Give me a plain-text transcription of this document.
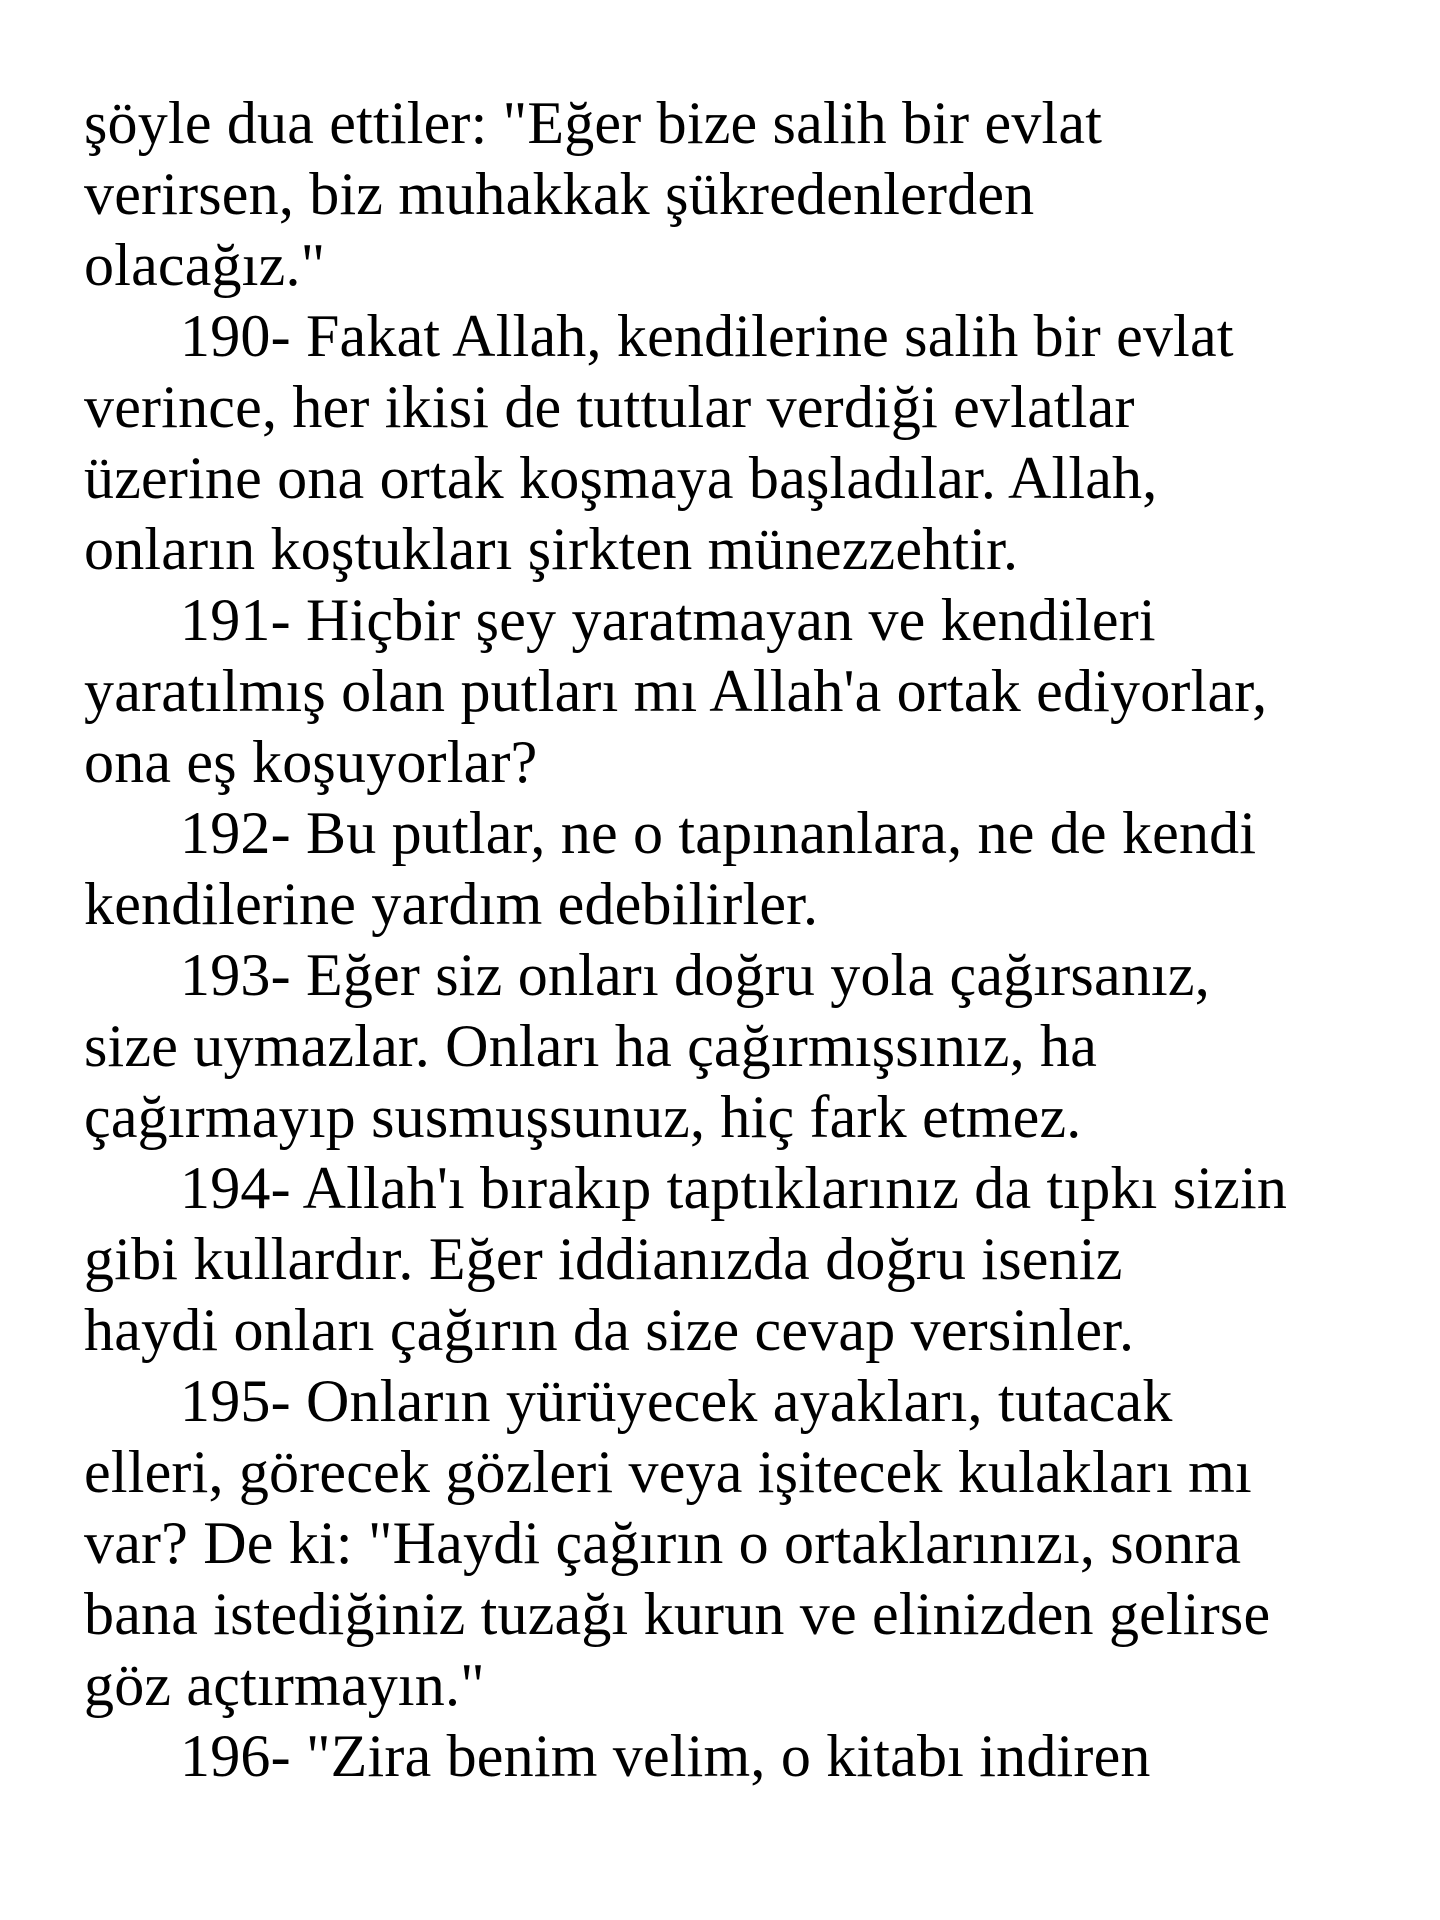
şöyle dua ettiler: "Eğer bize salih bir evlat
verirsen, biz muhakkak şükredenlerden
olacağız."
190- Fakat Allah, kendilerine salih bir evlat
verince, her ikisi de tuttular verdiği evlatlar
üzerine ona ortak koşmaya başladılar. Allah,
onların koştukları şirkten münezzehtir.
191- Hiçbir şey yaratmayan ve kendileri
yaratılmış olan putları mı Allah'a ortak ediyorlar,
ona eş koşuyorlar?
192- Bu putlar, ne o tapınanlara, ne de kendi
kendilerine yardım edebilirler.
193- Eğer siz onları doğru yola çağırsanız,
size uymazlar. Onları ha çağırmışsınız, ha
çağırmayıp susmuşsunuz, hiç fark etmez.
194- Allah'ı bırakıp taptıklarınız da tıpkı sizin
gibi kullardır. Eğer iddianızda doğru iseniz
haydi onları çağırın da size cevap versinler.
195- Onların yürüyecek ayakları, tutacak
elleri, görecek gözleri veya işitecek kulakları mı
var? De ki: "Haydi çağırın o ortaklarınızı, sonra
bana istediğiniz tuzağı kurun ve elinizden gelirse
göz açtırmayın."
196- "Zira benim velim, o kitabı indiren
